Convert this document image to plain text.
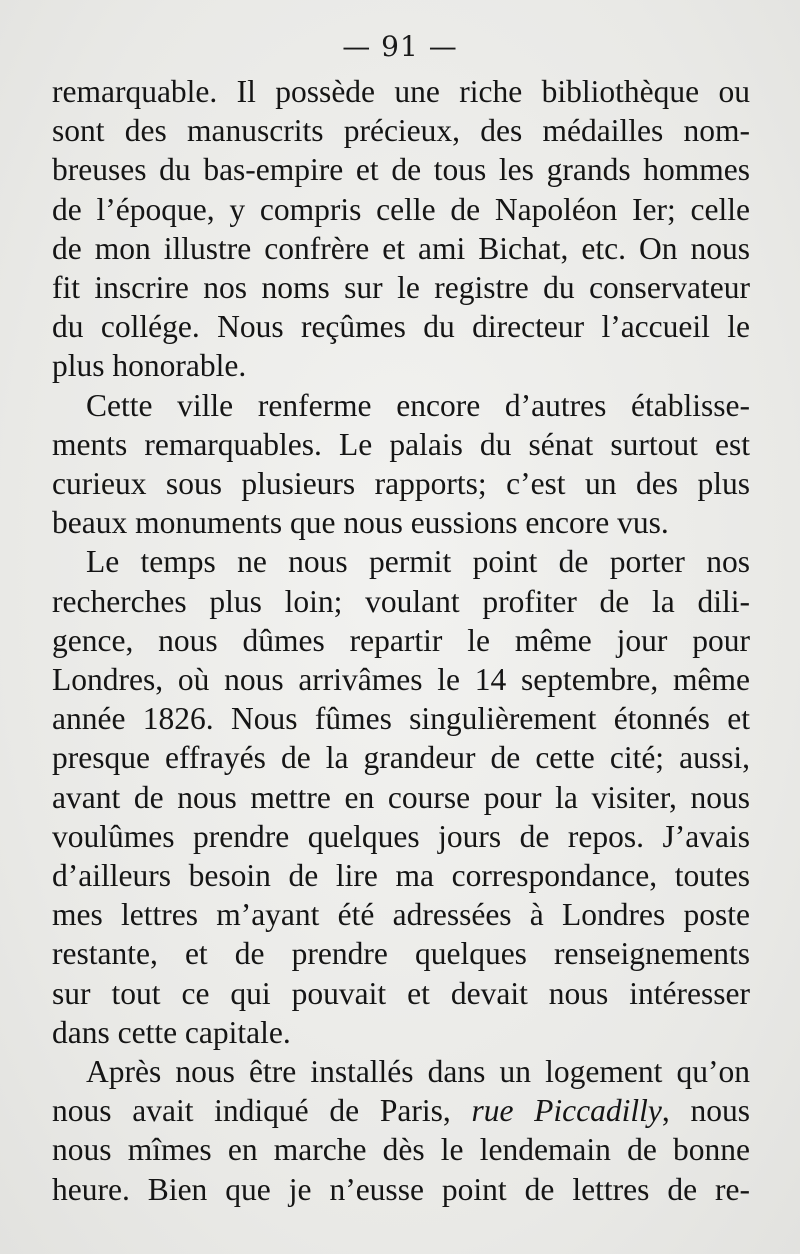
— 91 —

remarquable. Il possède une riche bibliothèque ou
sont des manuscrits précieux, des médailles nom-
breuses du bas-empire et de tous les grands hommes
de l’époque, y compris celle de Napoléon Ier; celle
de mon illustre confrère et ami Bichat, etc. On nous
fit inscrire nos noms sur le registre du conservateur
du collége. Nous reçûmes du directeur l’accueil le
plus honorable.

Cette ville renferme encore d’autres établisse-
ments remarquables. Le palais du sénat surtout est
curieux sous plusieurs rapports; c’est un des plus
beaux monuments que nous eussions encore vus.

Le temps ne nous permit point de porter nos
recherches plus loin; voulant profiter de la dili-
gence, nous dûmes repartir le même jour pour
Londres, où nous arrivâmes le 14 septembre, même
année 1826. Nous fûmes singulièrement étonnés et
presque effrayés de la grandeur de cette cité; aussi,
avant de nous mettre en course pour la visiter, nous
voulûmes prendre quelques jours de repos. J’avais
d’ailleurs besoin de lire ma correspondance, toutes
mes lettres m’ayant été adressées à Londres poste
restante, et de prendre quelques renseignements
sur tout ce qui pouvait et devait nous intéresser
dans cette capitale.

Après nous être installés dans un logement qu’on
nous avait indiqué de Paris, rue Piccadilly, nous
nous mîmes en marche dès le lendemain de bonne
heure. Bien que je n’eusse point de lettres de re-
